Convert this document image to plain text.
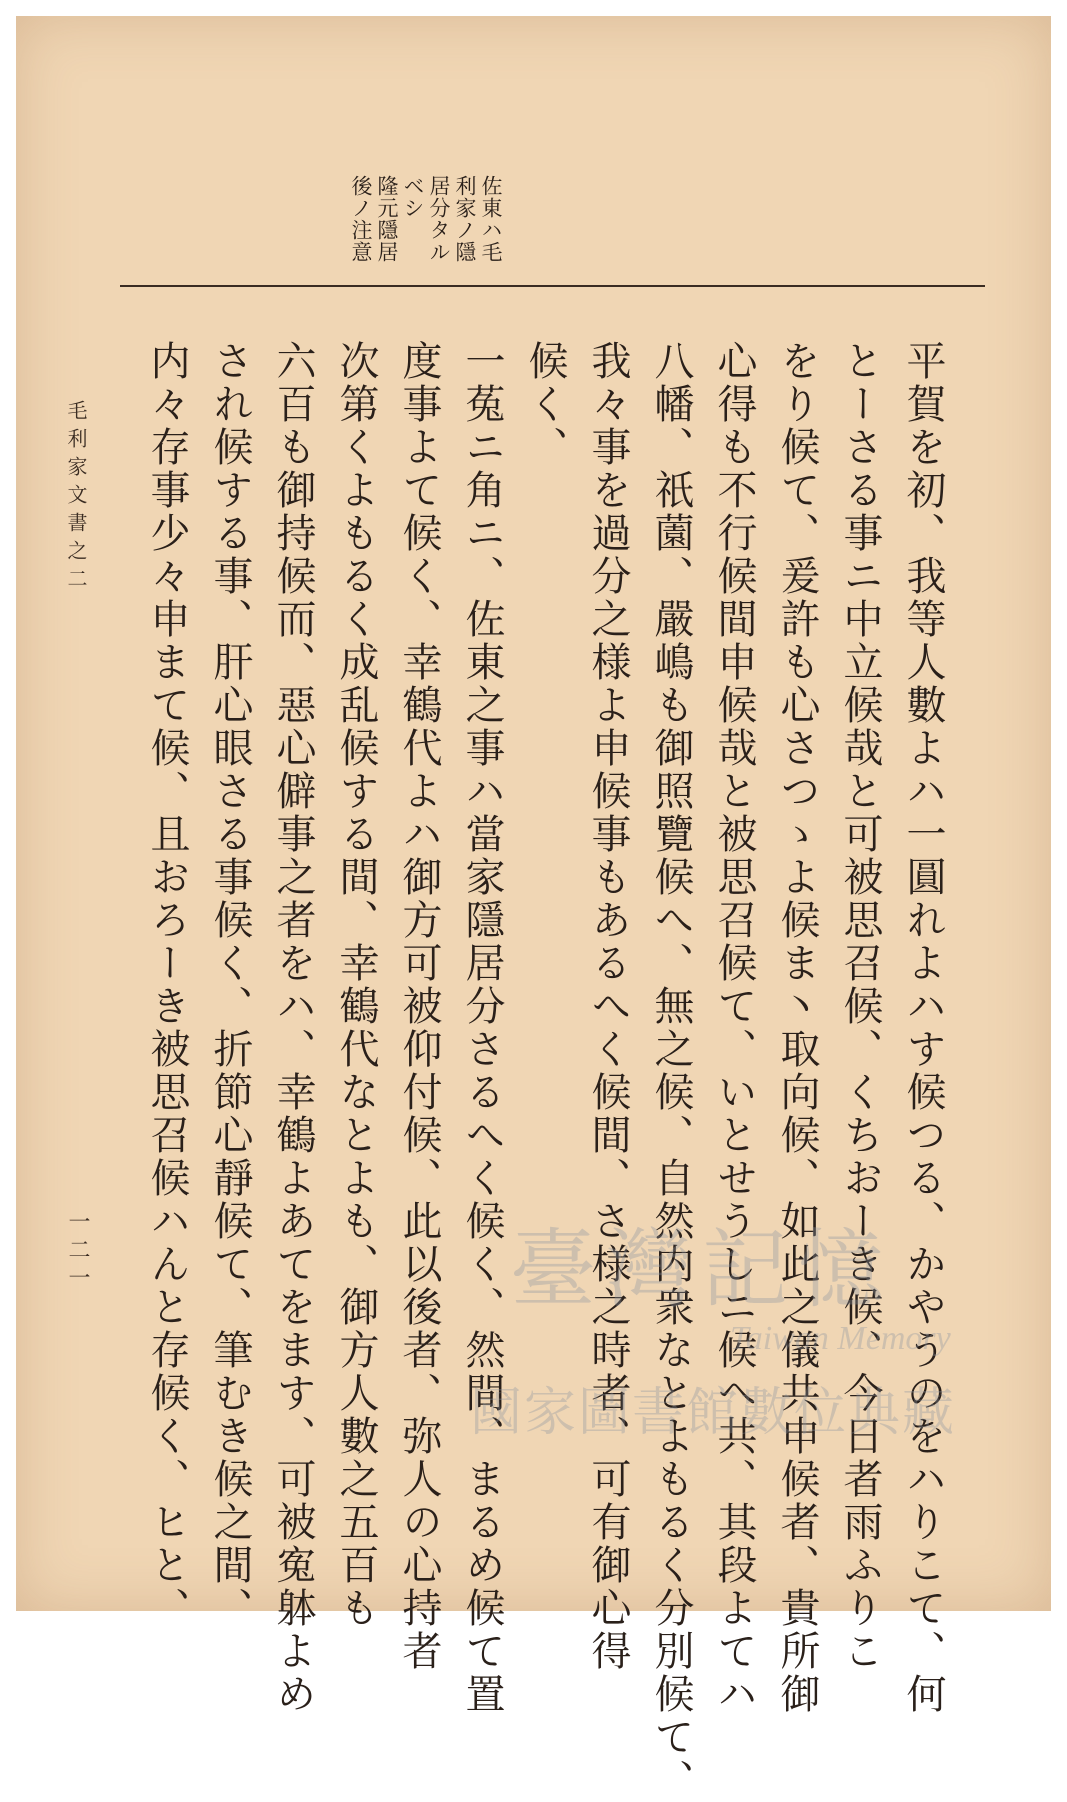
佐東ハ毛
利家ノ隱
居分タル
ベシ
隆元隱居
後ノ注意
平賀を初、我等人數よハ一圓れよハす候つる、かやうのをハりこて、何
とーさる事ニ中立候哉と可被思召候、くちおーき候、今日者雨ふりこ
をり候て、爰許も心さつゝよ候ま丶取向候、如此之儀共申候者、貴所御
心得も不行候間申候哉と被思召候て、いとせうしニ候へ共、其段よてハ
八幡、祇薗、嚴嶋も御照覽候へ、無之候、自然内衆なとよもるく分別候て、
我々事を過分之様よ申候事もあるへく候間、さ様之時者、可有御心得
候く、
一菟ニ角ニ、佐東之事ハ當家隱居分さるへく候く、然間、まるめ候て置
度事よて候く、幸鶴代よハ御方可被仰付候、此以後者、弥人の心持者
次第くよもるく成乱候する間、幸鶴代なとよも、御方人數之五百も
六百も御持候而、惡心僻事之者をハ、幸鶴よあてをます、可被寃躰よめ
され候する事、肝心眼さる事候く、折節心靜候て、筆むき候之間、
内々存事少々申まて候、且おろーき被思召候ハんと存候く、ヒと、
毛利家文書之二
一二一	臺灣記憶
Taiwan Memory
國家圖書館數位典藏
